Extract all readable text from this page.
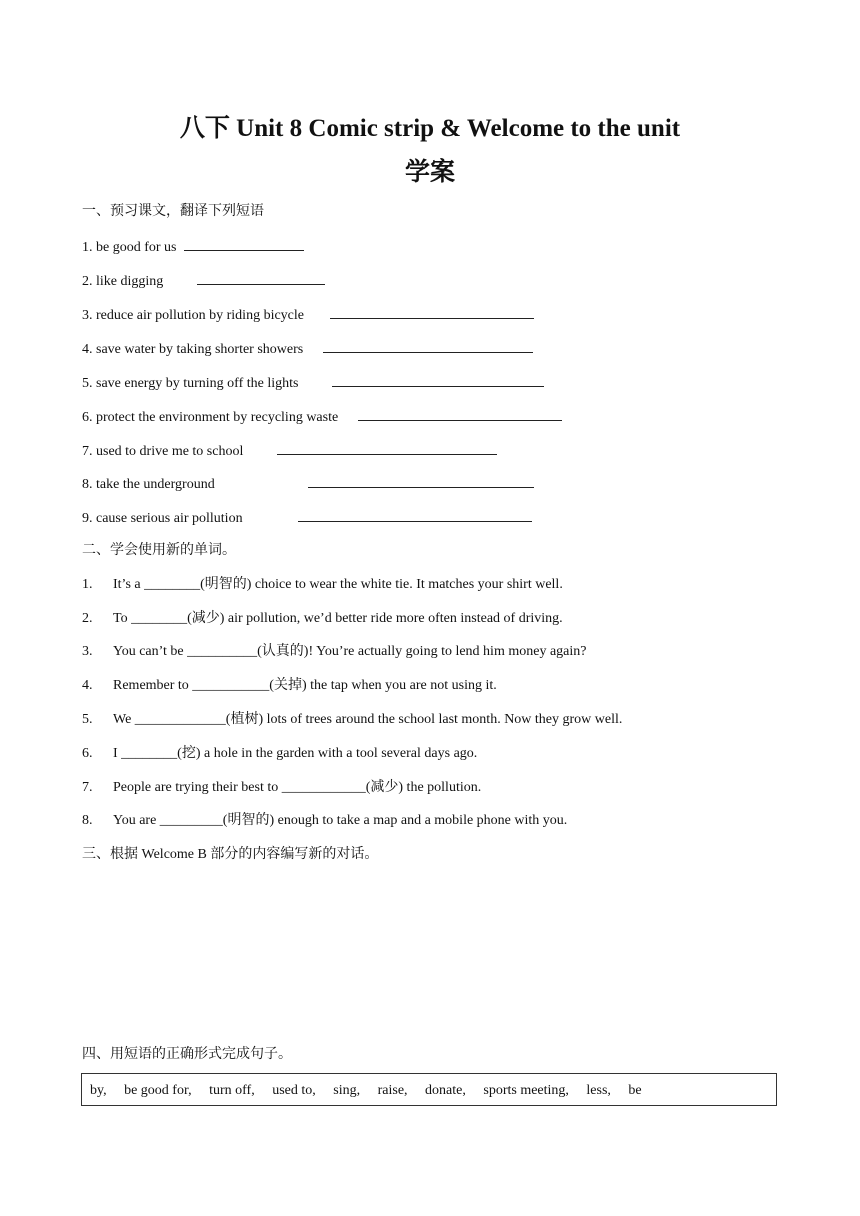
八下 Unit 8 Comic strip & Welcome to the unit
学案
一、预习课文，翻译下列短语
1. be good for us
2. like digging
3. reduce air pollution by riding bicycle
4. save water by taking shorter showers
5. save energy by turning off the lights
6. protect the environment by recycling waste
7. used to drive me to school
8. take the underground
9. cause serious air pollution
二、学会使用新的单词。
1. It’s a ________(明智的) choice to wear the white tie. It matches your shirt well.
2. To ________(减少) air pollution, we’d better ride more often instead of driving.
3. You can’t be __________(认真的)! You’re actually going to lend him money again?
4. Remember to ___________(关掉) the tap when you are not using it.
5. We _____________(植树) lots of trees around the school last month. Now they grow well.
6. I ________(挖) a hole in the garden with a tool several days ago.
7. People are trying their best to ____________(减少) the pollution.
8. You are _________(明智的) enough to take a map and a mobile phone with you.
三、根据 Welcome B 部分的内容编写新的对话。
四、用短语的正确形式完成句子。
by, be good for, turn off, used to, sing, raise, donate, sports meeting, less, be
